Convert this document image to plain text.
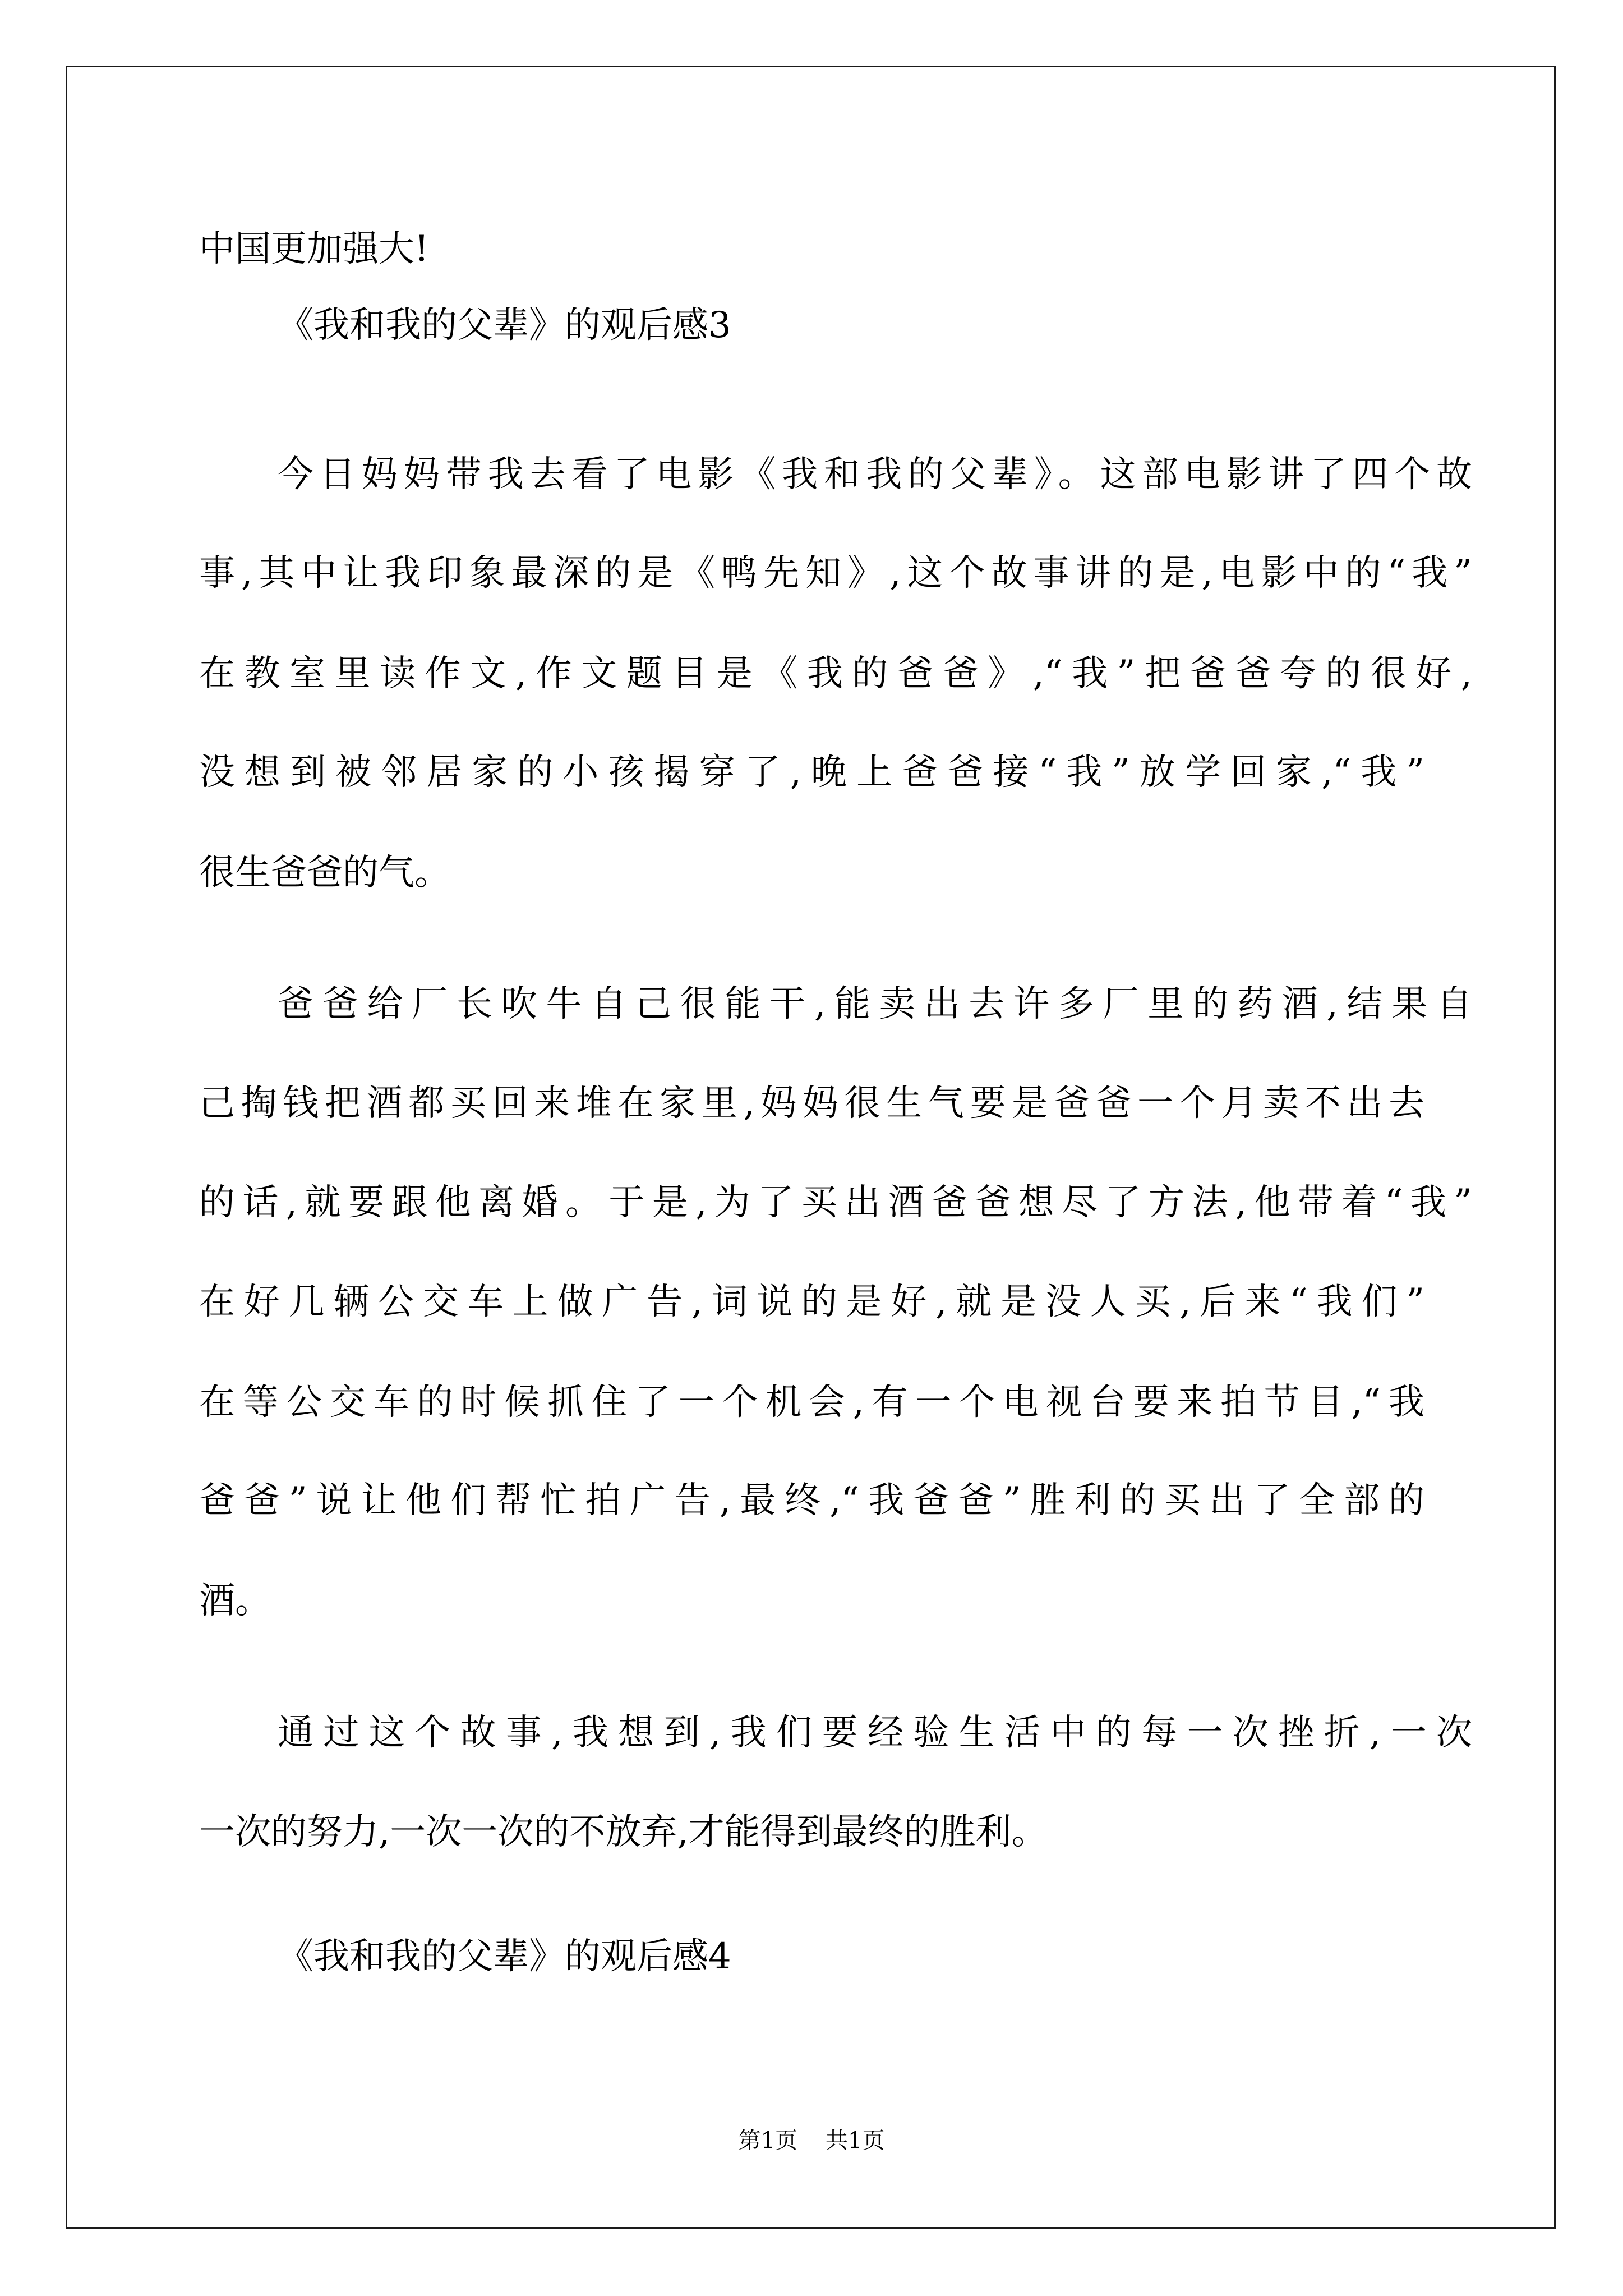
中国更加强大!
《我和我的父辈》的观后感3
今日妈妈带我去看了电影《我和我的父辈》。这部电影讲了四个故
事,其中让我印象最深的是《鸭先知》,这个故事讲的是,电影中的“我”
在教室里读作文,作文题目是《我的爸爸》,“我”把爸爸夸的很好,
没想到被邻居家的小孩揭穿了,晚上爸爸接“我”放学回家,“我”
很生爸爸的气。
爸爸给厂长吹牛自己很能干,能卖出去许多厂里的药酒,结果自
己掏钱把酒都买回来堆在家里,妈妈很生气要是爸爸一个月卖不出去
的话,就要跟他离婚。于是,为了买出酒爸爸想尽了方法,他带着“我”
在好几辆公交车上做广告,词说的是好,就是没人买,后来“我们”
在等公交车的时候抓住了一个机会,有一个电视台要来拍节目,“我
爸爸”说让他们帮忙拍广告,最终,“我爸爸”胜利的买出了全部的
酒。
通过这个故事,我想到,我们要经验生活中的每一次挫折,一次
一次的努力,一次一次的不放弃,才能得到最终的胜利。
《我和我的父辈》的观后感4
第1页 共1页
